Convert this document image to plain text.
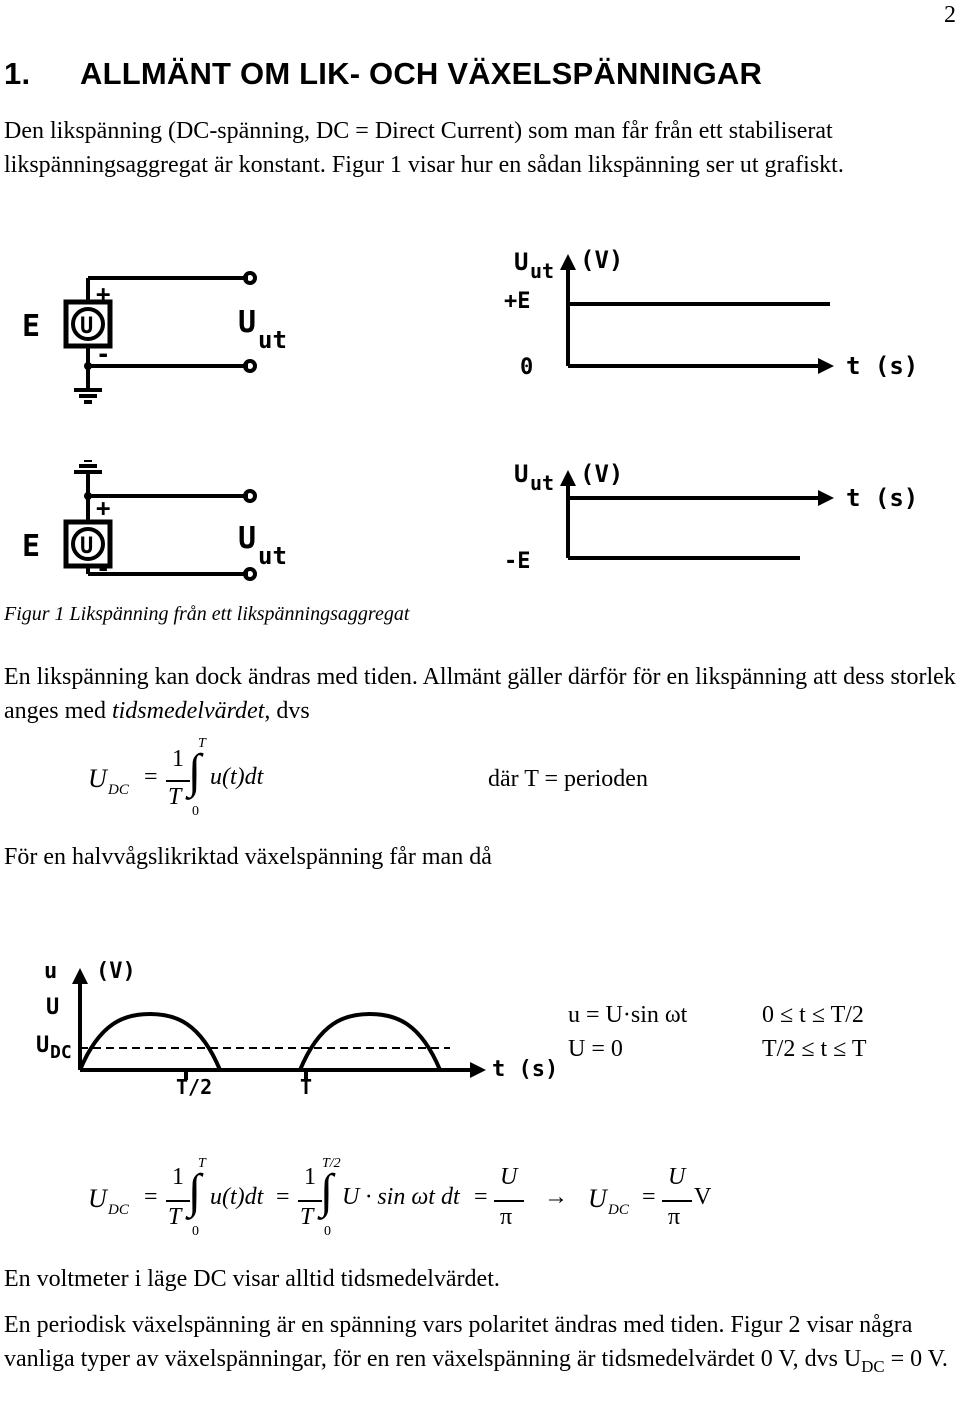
2
1. ALLMÄNT OM LIK- OCH VÄXELSPÄNNINGAR
Den likspänning (DC-spänning, DC = Direct Current) som man får från ett stabiliserat likspänningsaggregat är konstant. Figur 1 visar hur en sådan likspänning ser ut grafiskt.
E U
+
-
U ut
U ut (V)
+E
0	t (s)
E U
+
-
U ut
U ut (V)
-E
t (s)
Figur 1 Likspänning från ett likspänningsaggregat
En likspänning kan dock ändras med tiden. Allmänt gäller därför för en likspänning att dess storlek anges med tidsmedelvärdet, dvs
U DC =
1
T
T
∫
0
u(t)dt	där T = perioden
För en halvvågslikriktad växelspänning får man då
u (V)
U
U DC
T/2	T
t (s)
u = U·sin ωt	0 ≤ t ≤ T/2
U = 0	T/2 ≤ t ≤ T
U DC =
1
T
T
∫
0
u(t)dt =
1
T
T/2
∫
0
U · sin ωt dt =
U
π
→ U DC =
U
π
V
En voltmeter i läge DC visar alltid tidsmedelvärdet.
En periodisk växelspänning är en spänning vars polaritet ändras med tiden. Figur 2 visar några vanliga typer av växelspänningar, för en ren växelspänning är tidsmedelvärdet 0 V, dvs $U_{DC} = 0$ V.
